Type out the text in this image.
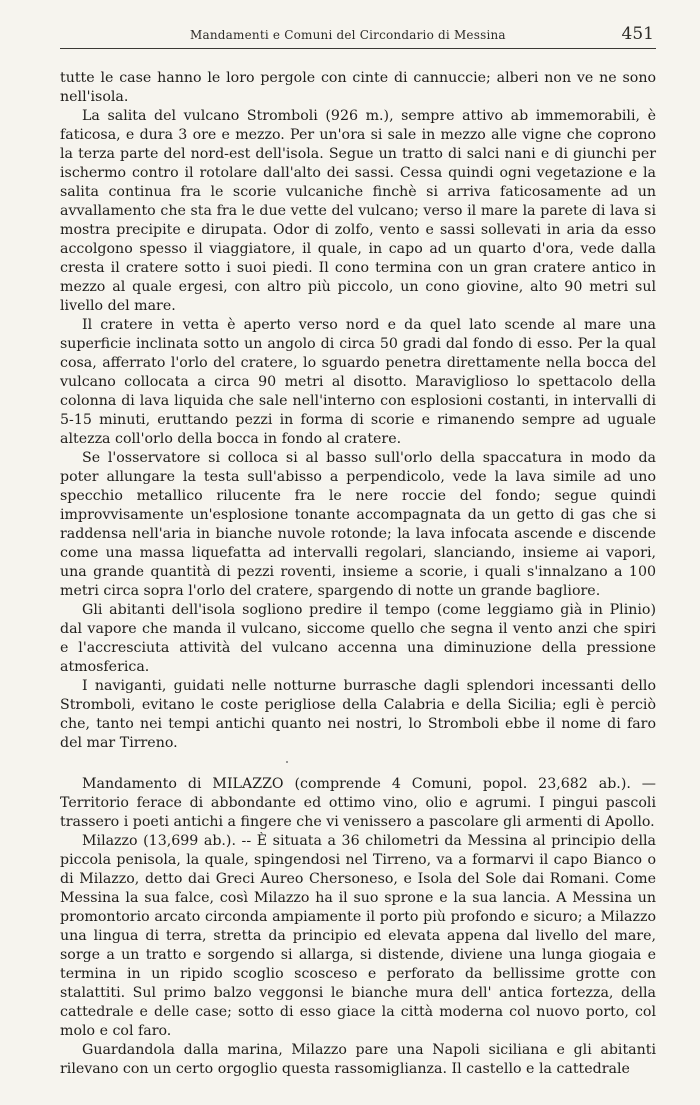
Mandamenti e Comuni del Circondario di Messina	451

tutte le case hanno le loro pergole con cinte di cannuccie; alberi non ve ne sono nell'isola.

La salita del vulcano Stromboli (926 m.), sempre attivo ab immemorabili, è faticosa, e dura 3 ore e mezzo. Per un'ora si sale in mezzo alle vigne che coprono la terza parte del nord-est dell'isola. Segue un tratto di salci nani e di giunchi per ischermo contro il rotolare dall'alto dei sassi. Cessa quindi ogni vegetazione e la salita continua fra le scorie vulcaniche finchè si arriva faticosamente ad un avvallamento che sta fra le due vette del vulcano; verso il mare la parete di lava si mostra precipite e dirupata. Odor di zolfo, vento e sassi sollevati in aria da esso accolgono spesso il viaggiatore, il quale, in capo ad un quarto d'ora, vede dalla cresta il cratere sotto i suoi piedi. Il cono termina con un gran cratere antico in mezzo al quale ergesi, con altro più piccolo, un cono giovine, alto 90 metri sul livello del mare.

Il cratere in vetta è aperto verso nord e da quel lato scende al mare una superficie inclinata sotto un angolo di circa 50 gradi dal fondo di esso. Per la qual cosa, afferrato l'orlo del cratere, lo sguardo penetra direttamente nella bocca del vulcano collocata a circa 90 metri al disotto. Maraviglioso lo spettacolo della colonna di lava liquida che sale nell'interno con esplosioni costanti, in intervalli di 5-15 minuti, eruttando pezzi in forma di scorie e rimanendo sempre ad uguale altezza coll'orlo della bocca in fondo al cratere.

Se l'osservatore si colloca si al basso sull'orlo della spaccatura in modo da poter allungare la testa sull'abisso a perpendicolo, vede la lava simile ad uno specchio metallico rilucente fra le nere roccie del fondo; segue quindi improvvisamente un'esplosione tonante accompagnata da un getto di gas che si raddensa nell'aria in bianche nuvole rotonde; la lava infocata ascende e discende come una massa liquefatta ad intervalli regolari, slanciando, insieme ai vapori, una grande quantità di pezzi roventi, insieme a scorie, i quali s'innalzano a 100 metri circa sopra l'orlo del cratere, spargendo di notte un grande bagliore.

Gli abitanti dell'isola sogliono predire il tempo (come leggiamo già in Plinio) dal vapore che manda il vulcano, siccome quello che segna il vento anzi che spiri e l'accresciuta attività del vulcano accenna una diminuzione della pressione atmosferica.

I naviganti, guidati nelle notturne burrasche dagli splendori incessanti dello Stromboli, evitano le coste perigliose della Calabria e della Sicilia; egli è perciò che, tanto nei tempi antichi quanto nei nostri, lo Stromboli ebbe il nome di faro del mar Tirreno.

Mandamento di MILAZZO (comprende 4 Comuni, popol. 23,682 ab.). — Territorio ferace di abbondante ed ottimo vino, olio e agrumi. I pingui pascoli trassero i poeti antichi a fingere che vi venissero a pascolare gli armenti di Apollo.

Milazzo (13,699 ab.). -- È situata a 36 chilometri da Messina al principio della piccola penisola, la quale, spingendosi nel Tirreno, va a formarvi il capo Bianco o di Milazzo, detto dai Greci Aureo Chersoneso, e Isola del Sole dai Romani. Come Messina la sua falce, così Milazzo ha il suo sprone e la sua lancia. A Messina un promontorio arcato circonda ampiamente il porto più profondo e sicuro; a Milazzo una lingua di terra, stretta da principio ed elevata appena dal livello del mare, sorge a un tratto e sorgendo si allarga, si distende, diviene una lunga giogaia e termina in un ripido scoglio scosceso e perforato da bellissime grotte con stalattiti. Sul primo balzo veggonsi le bianche mura dell' antica fortezza, della cattedrale e delle case; sotto di esso giace la città moderna col nuovo porto, col molo e col faro.

Guardandola dalla marina, Milazzo pare una Napoli siciliana e gli abitanti rilevano con un certo orgoglio questa rassomiglianza. Il castello e la cattedrale
